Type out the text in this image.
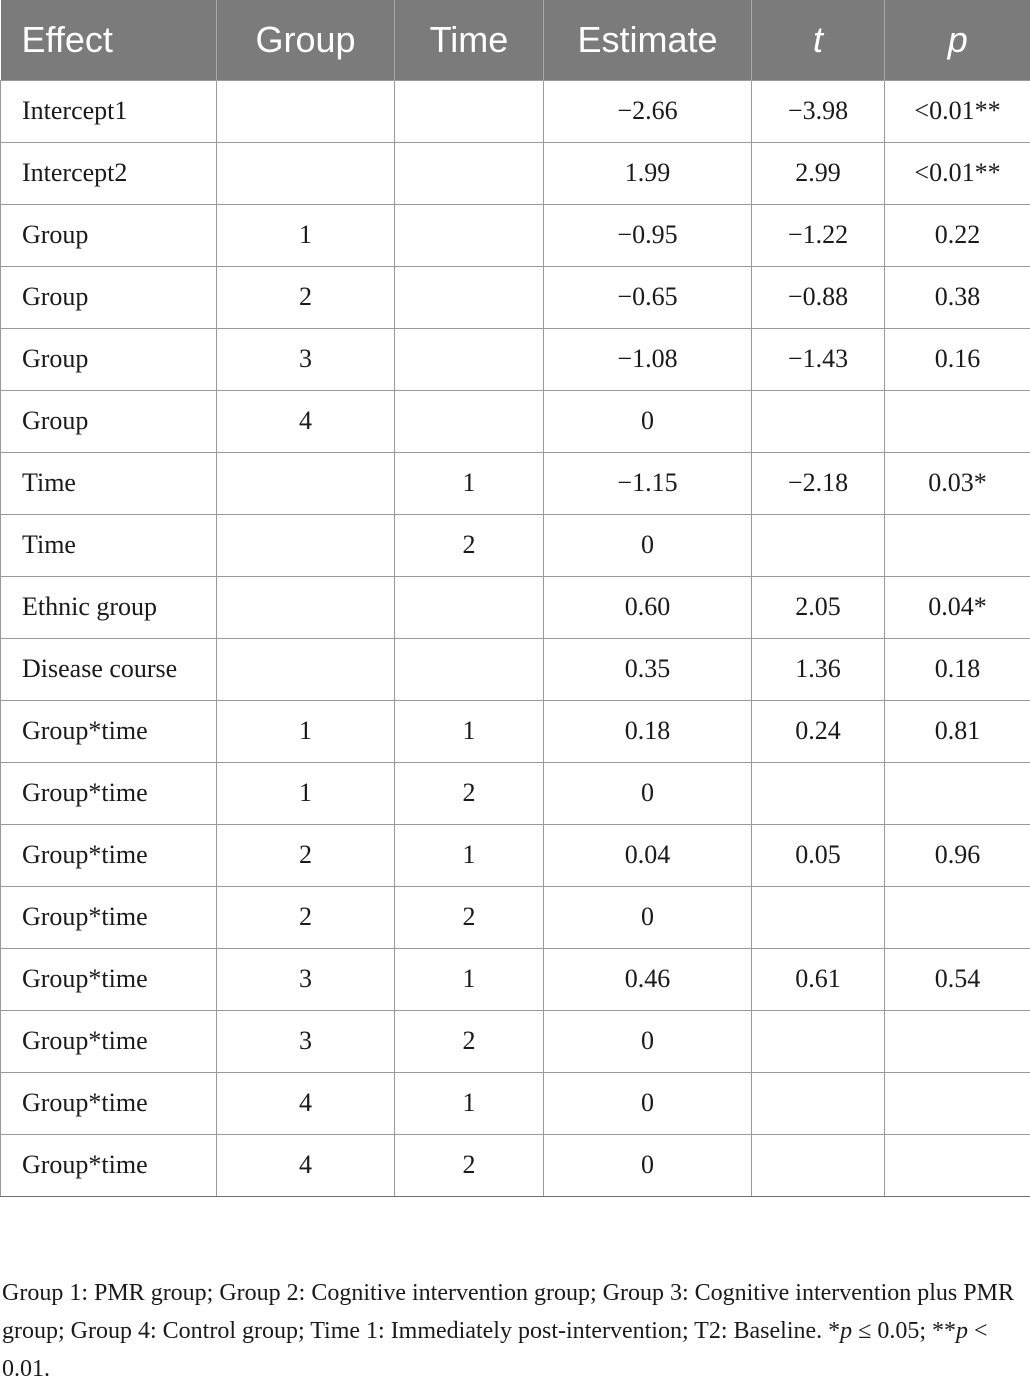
Effect	Group	Time	Estimate	t	p
Intercept1			−2.66	−3.98	<0.01**
Intercept2			1.99	2.99	<0.01**
Group	1		−0.95	−1.22	0.22
Group	2		−0.65	−0.88	0.38
Group	3		−1.08	−1.43	0.16
Group	4		0		
Time		1	−1.15	−2.18	0.03*
Time		2	0		
Ethnic group			0.60	2.05	0.04*
Disease course			0.35	1.36	0.18
Group*time	1	1	0.18	0.24	0.81
Group*time	1	2	0		
Group*time	2	1	0.04	0.05	0.96
Group*time	2	2	0		
Group*time	3	1	0.46	0.61	0.54
Group*time	3	2	0		
Group*time	4	1	0		
Group*time	4	2	0		

Group 1: PMR group; Group 2: Cognitive intervention group; Group 3: Cognitive intervention plus PMR group; Group 4: Control group; Time 1: Immediately post-intervention; T2: Baseline. *p ≤ 0.05; **p < 0.01.
